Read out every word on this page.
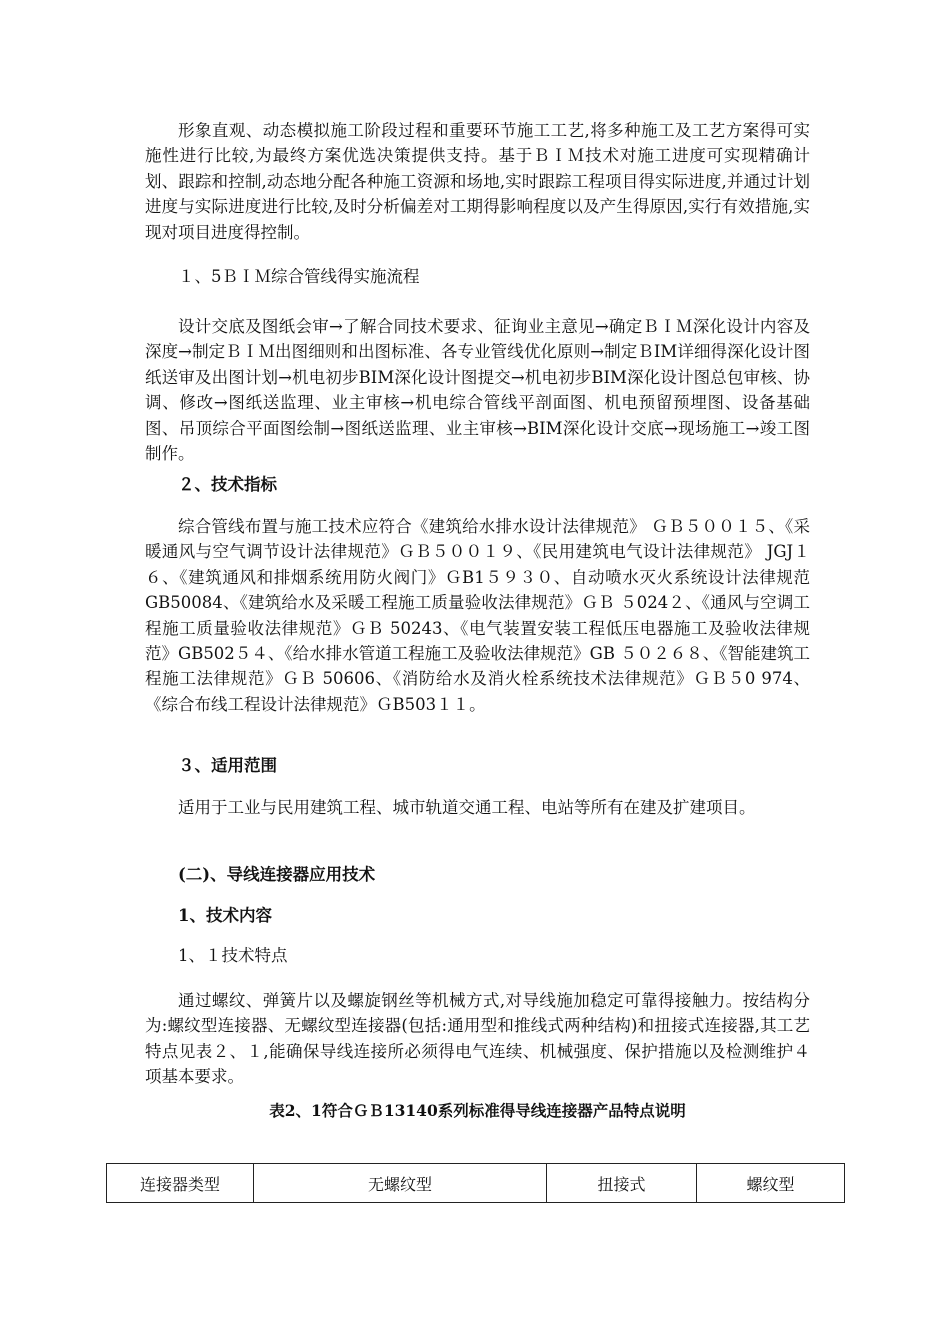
形象直观、动态模拟施工阶段过程和重要环节施工工艺,将多种施工及工艺方案得可实施性进行比较,为最终方案优选决策提供支持。基于ＢＩＭ技术对施工进度可实现精确计划、跟踪和控制,动态地分配各种施工资源和场地,实时跟踪工程项目得实际进度,并通过计划进度与实际进度进行比较,及时分析偏差对工期得影响程度以及产生得原因,实行有效措施,实现对项目进度得控制。

１、5ＢＩＭ综合管线得实施流程

设计交底及图纸会审→了解合同技术要求、征询业主意见→确定ＢＩＭ深化设计内容及深度→制定ＢＩＭ出图细则和出图标准、各专业管线优化原则→制定ＢIM详细得深化设计图纸送审及出图计划→机电初步BIM深化设计图提交→机电初步BIM深化设计图总包审核、协调、修改→图纸送监理、业主审核→机电综合管线平剖面图、机电预留预埋图、设备基础图、吊顶综合平面图绘制→图纸送监理、业主审核→BIM深化设计交底→现场施工→竣工图制作。

２、技术指标

综合管线布置与施工技术应符合《建筑给水排水设计法律规范》 ＧＢ５００１５、《采暖通风与空气调节设计法律规范》ＧＢ５００１９、《民用建筑电气设计法律规范》 JGJ１６、《建筑通风和排烟系统用防火阀门》ＧB1５９３０、自动喷水灭火系统设计法律规范GB50084、《建筑给水及采暖工程施工质量验收法律规范》ＧＢ ５024２、《通风与空调工程施工质量验收法律规范》ＧＢ 50243、《电气装置安装工程低压电器施工及验收法律规范》GB502５４、《给水排水管道工程施工及验收法律规范》GB ５０２６８、《智能建筑工程施工法律规范》ＧＢ 50606、《消防给水及消火栓系统技术法律规范》ＧＢ５0 974、《综合布线工程设计法律规范》ＧB503１１。

３、适用范围

适用于工业与民用建筑工程、城市轨道交通工程、电站等所有在建及扩建项目。

(二)、导线连接器应用技术

1、技术内容

1、１技术特点

通过螺纹、弹簧片以及螺旋钢丝等机械方式,对导线施加稳定可靠得接触力。按结构分为:螺纹型连接器、无螺纹型连接器(包括:通用型和推线式两种结构)和扭接式连接器,其工艺特点见表２、１,能确保导线连接所必须得电气连续、机械强度、保护措施以及检测维护４项基本要求。

表2、1符合ＧＢ13140系列标准得导线连接器产品特点说明

连接器类型	无螺纹型	扭接式	螺纹型
